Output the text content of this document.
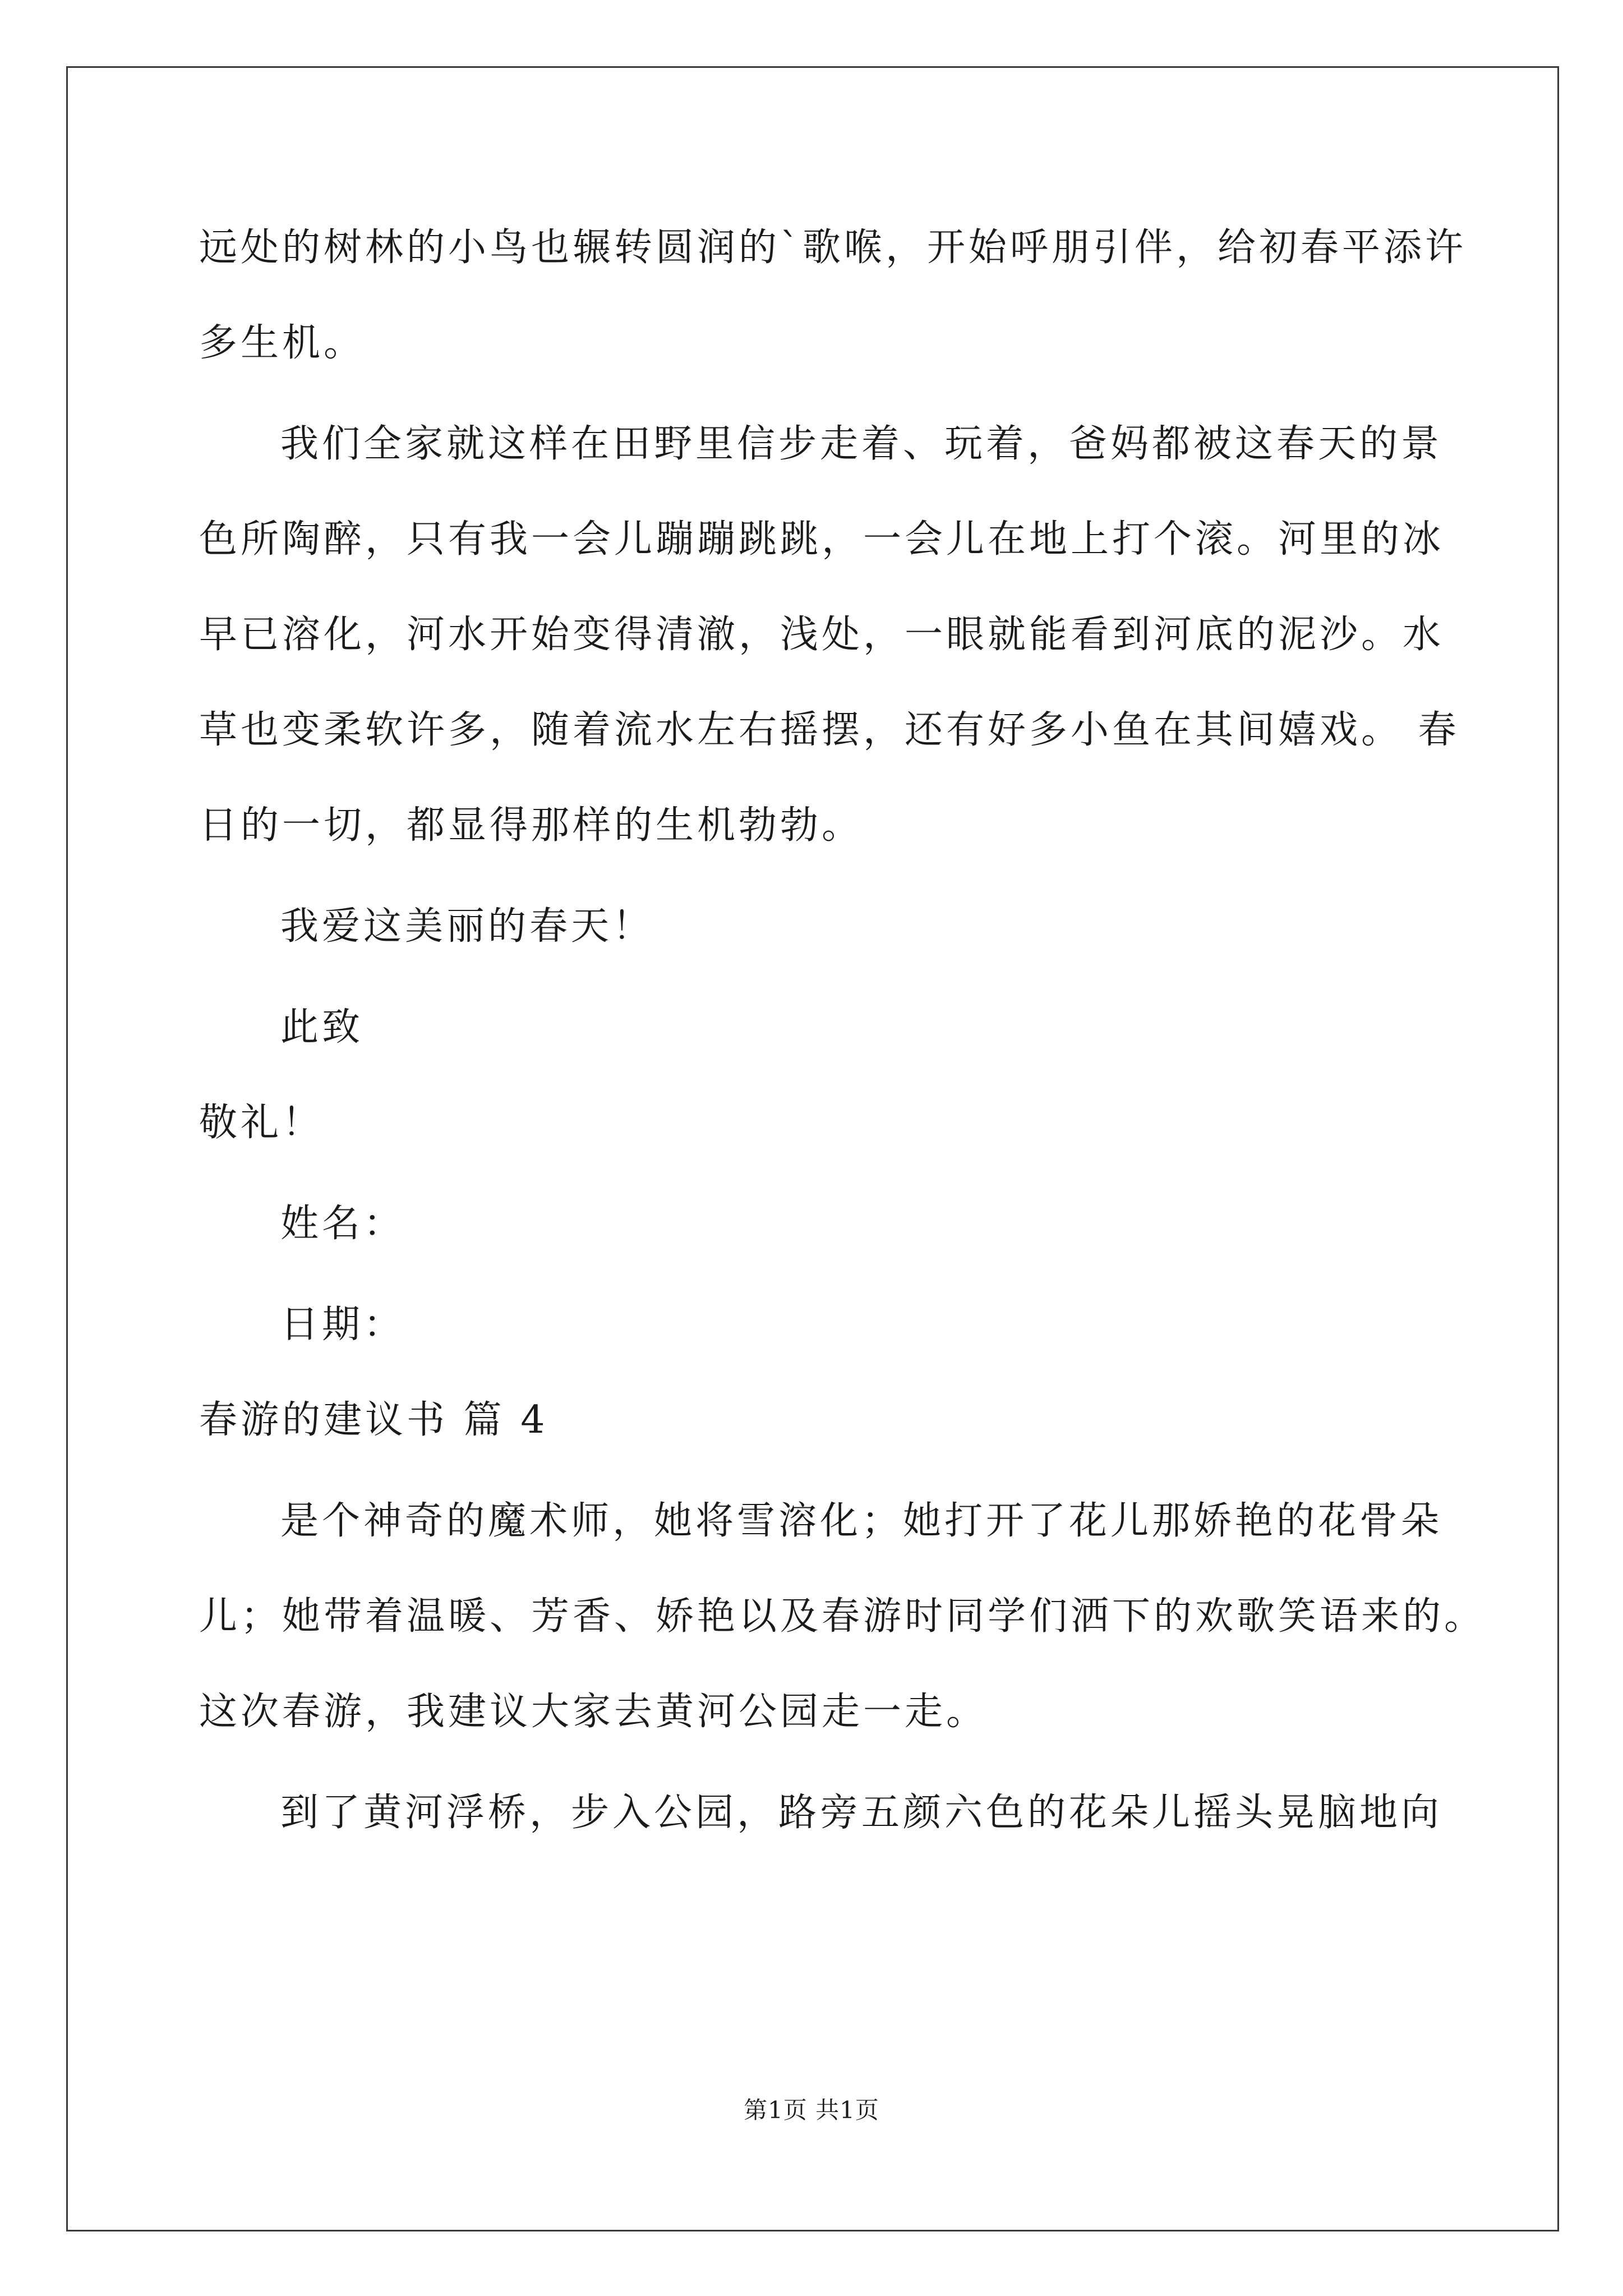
远处的树林的小鸟也辗转圆润的`歌喉，开始呼朋引伴，给初春平添许
多生机。
我们全家就这样在田野里信步走着、玩着，爸妈都被这春天的景
色所陶醉，只有我一会儿蹦蹦跳跳，一会儿在地上打个滚。河里的冰
早已溶化，河水开始变得清澈，浅处，一眼就能看到河底的泥沙。水
草也变柔软许多，随着流水左右摇摆，还有好多小鱼在其间嬉戏。 春
日的一切，都显得那样的生机勃勃。
我爱这美丽的春天！
此致
敬礼！
姓名：
日期：
春游的建议书 篇 4
是个神奇的魔术师，她将雪溶化；她打开了花儿那娇艳的花骨朵
儿；她带着温暖、芳香、娇艳以及春游时同学们洒下的欢歌笑语来的。
这次春游，我建议大家去黄河公园走一走。
到了黄河浮桥，步入公园，路旁五颜六色的花朵儿摇头晃脑地向
第1页 共1页
